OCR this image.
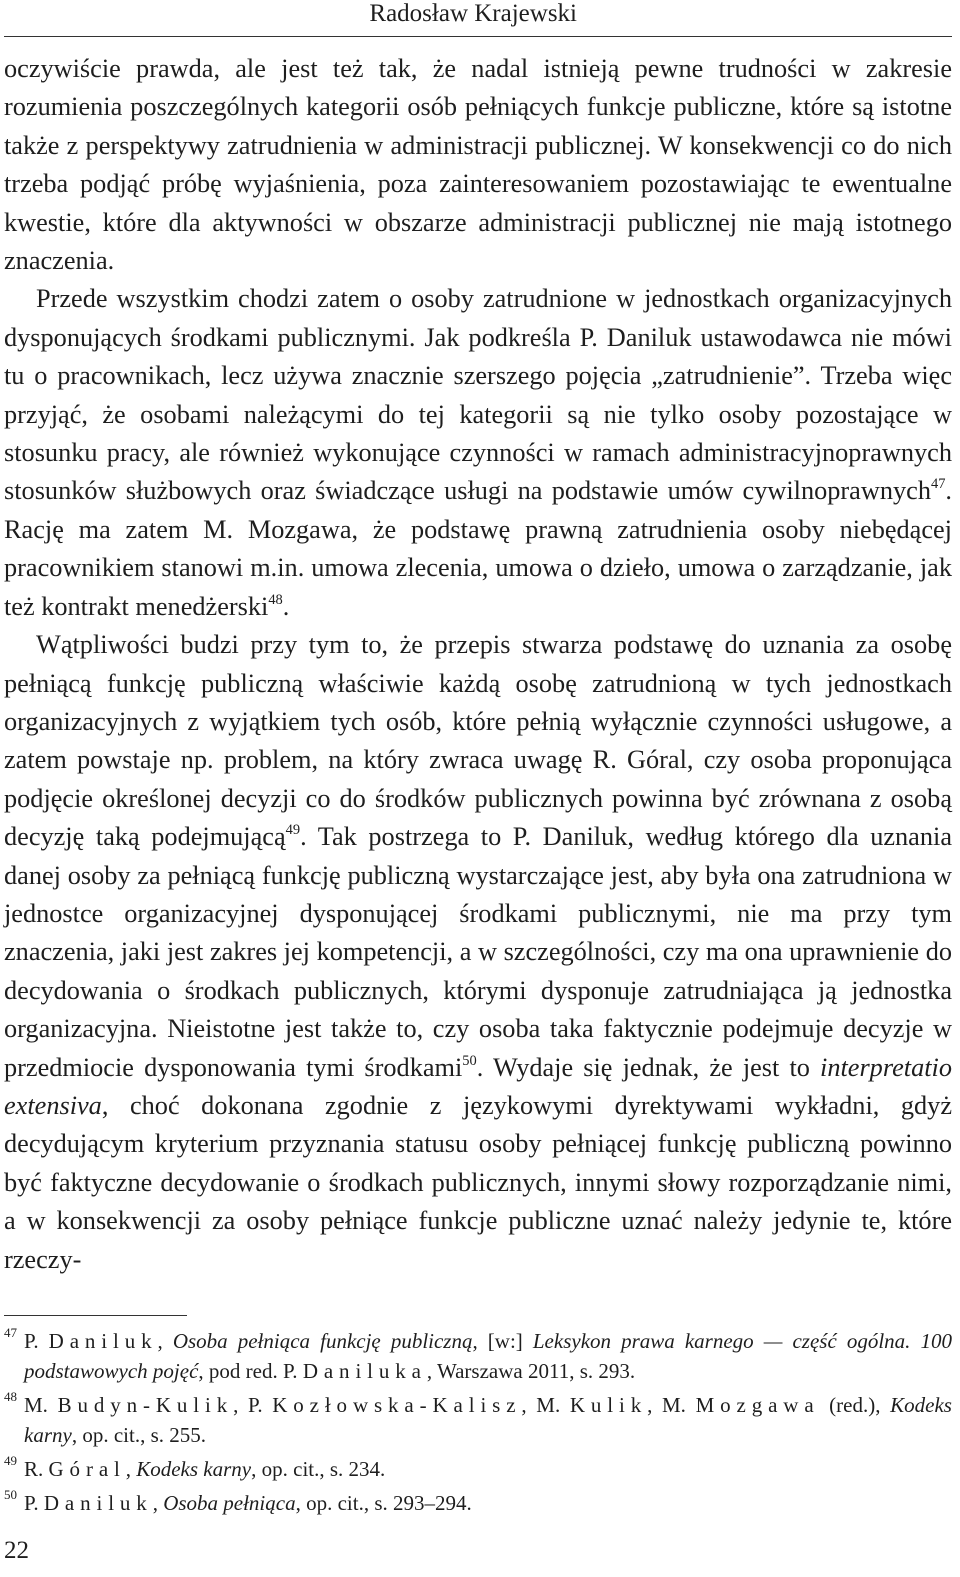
Radosław Krajewski

oczywiście prawda, ale jest też tak, że nadal istnieją pewne trudności w zakresie rozumienia poszczególnych kategorii osób pełniących funkcje publiczne, które są istotne także z perspektywy zatrudnienia w administracji publicznej. W konsekwencji co do nich trzeba podjąć próbę wyjaśnienia, poza zainteresowaniem pozostawiając te ewentualne kwestie, które dla aktywności w obszarze administracji publicznej nie mają istotnego znaczenia.

Przede wszystkim chodzi zatem o osoby zatrudnione w jednostkach organizacyjnych dysponujących środkami publicznymi. Jak podkreśla P. Daniluk ustawodawca nie mówi tu o pracownikach, lecz używa znacznie szerszego pojęcia „zatrudnienie”. Trzeba więc przyjąć, że osobami należącymi do tej kategorii są nie tylko osoby pozostające w stosunku pracy, ale również wykonujące czynności w ramach administracyjnoprawnych stosunków służbowych oraz świadczące usługi na podstawie umów cywilnoprawnych$^{47}$. Rację ma zatem M. Mozgawa, że podstawę prawną zatrudnienia osoby niebędącej pracownikiem stanowi m.in. umowa zlecenia, umowa o dzieło, umowa o zarządzanie, jak też kontrakt menedżerski$^{48}$.

Wątpliwości budzi przy tym to, że przepis stwarza podstawę do uznania za osobę pełniącą funkcję publiczną właściwie każdą osobę zatrudnioną w tych jednostkach organizacyjnych z wyjątkiem tych osób, które pełnią wyłącznie czynności usługowe, a zatem powstaje np. problem, na który zwraca uwagę R. Góral, czy osoba proponująca podjęcie określonej decyzji co do środków publicznych powinna być zrównana z osobą decyzję taką podejmującą$^{49}$. Tak postrzega to P. Daniluk, według którego dla uznania danej osoby za pełniącą funkcję publiczną wystarczające jest, aby była ona zatrudniona w jednostce organizacyjnej dysponującej środkami publicznymi, nie ma przy tym znaczenia, jaki jest zakres jej kompetencji, a w szczególności, czy ma ona uprawnienie do decydowania o środkach publicznych, którymi dysponuje zatrudniająca ją jednostka organizacyjna. Nieistotne jest także to, czy osoba taka faktycznie podejmuje decyzje w przedmiocie dysponowania tymi środkami$^{50}$. Wydaje się jednak, że jest to interpretatio extensiva, choć dokonana zgodnie z językowymi dyrektywami wykładni, gdyż decydującym kryterium przyznania statusu osoby pełniącej funkcję publiczną powinno być faktyczne decydowanie o środkach publicznych, innymi słowy rozporządzanie nimi, a w konsekwencji za osoby pełniące funkcje publiczne uznać należy jedynie te, które rzeczy-

47 P. Daniluk, Osoba pełniąca funkcję publiczną, [w:] Leksykon prawa karnego — część ogólna. 100 podstawowych pojęć, pod red. P. Daniluka, Warszawa 2011, s. 293.
48 M. Budyn-Kulik, P. Kozłowska-Kalisz, M. Kulik, M. Mozgawa (red.), Kodeks karny, op. cit., s. 255.
49 R. Góral, Kodeks karny, op. cit., s. 234.
50 P. Daniluk, Osoba pełniąca, op. cit., s. 293–294.
22
